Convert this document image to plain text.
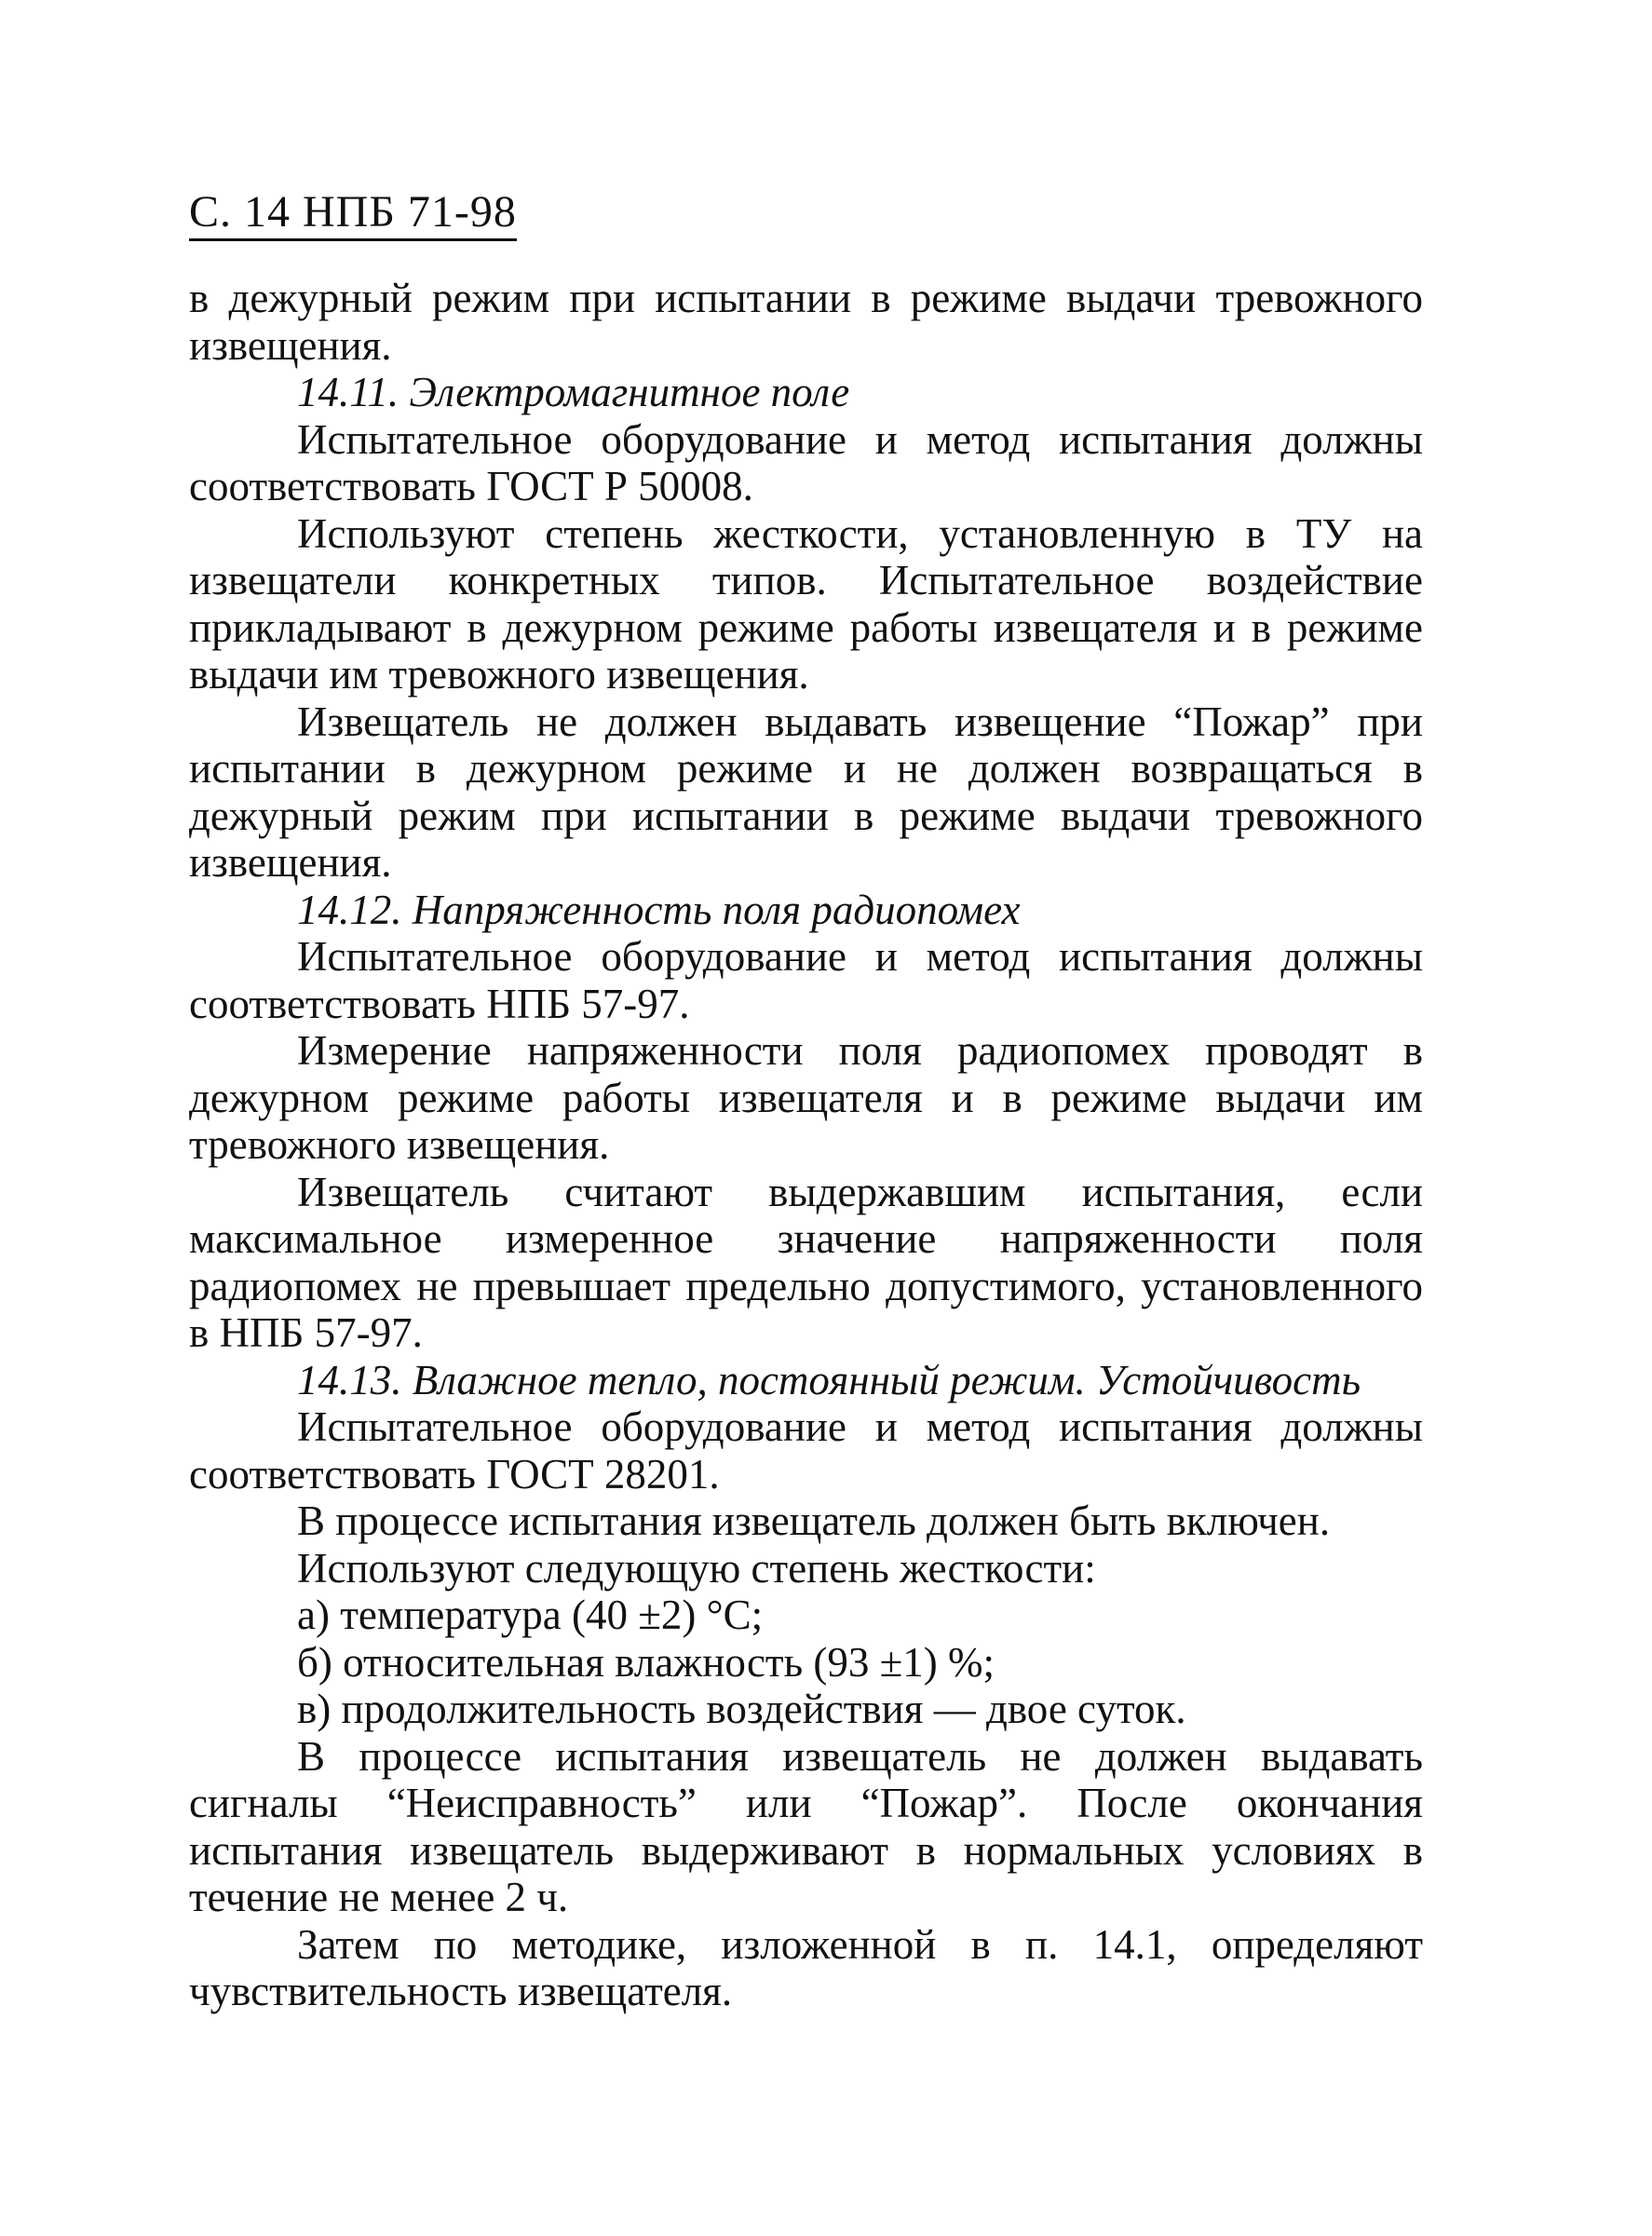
С. 14 НПБ 71-98

в дежурный режим при испытании в режиме выдачи тревожного извещения.

14.11. Электромагнитное поле

Испытательное оборудование и метод испытания должны соответствовать ГОСТ Р 50008.

Используют степень жесткости, установленную в ТУ на извещатели конкретных типов. Испытательное воздействие прикладывают в дежурном режиме работы извещателя и в режиме выдачи им тревожного извещения.

Извещатель не должен выдавать извещение “Пожар” при испытании в дежурном режиме и не должен возвращаться в дежурный режим при испытании в режиме выдачи тревожного извещения.

14.12. Напряженность поля радиопомех

Испытательное оборудование и метод испытания должны соответствовать НПБ 57-97.

Измерение напряженности поля радиопомех проводят в дежурном режиме работы извещателя и в режиме выдачи им тревожного извещения.

Извещатель считают выдержавшим испытания, если максимальное измеренное значение напряженности поля радиопомех не превышает предельно допустимого, установленного в НПБ 57-97.

14.13. Влажное тепло, постоянный режим. Устойчивость

Испытательное оборудование и метод испытания должны соответствовать ГОСТ 28201.

В процессе испытания извещатель должен быть включен.

Используют следующую степень жесткости:

а) температура (40 ±2) °С;

б) относительная влажность (93 ±1) %;

в) продолжительность воздействия — двое суток.

В процессе испытания извещатель не должен выдавать сигналы “Неисправность” или “Пожар”. После окончания испытания извещатель выдерживают в нормальных условиях в течение не менее 2 ч.

Затем по методике, изложенной в п. 14.1, определяют чувствительность извещателя.
